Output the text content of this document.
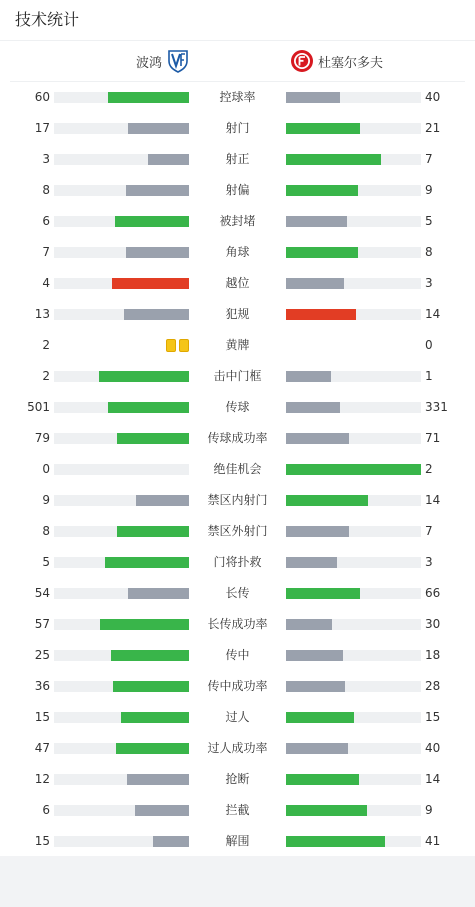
技术统计
波鸿	杜塞尔多夫
60	控球率	40
17	射门	21
3	射正	7
8	射偏	9
6	被封堵	5
7	角球	8
4	越位	3
13	犯规	14
2	黄牌	0
2	击中门框	1
501	传球	331
79	传球成功率	71
0	绝佳机会	2
9	禁区内射门	14
8	禁区外射门	7
5	门将扑救	3
54	长传	66
57	长传成功率	30
25	传中	18
36	传中成功率	28
15	过人	15
47	过人成功率	40
12	抢断	14
6	拦截	9
15	解围	41
